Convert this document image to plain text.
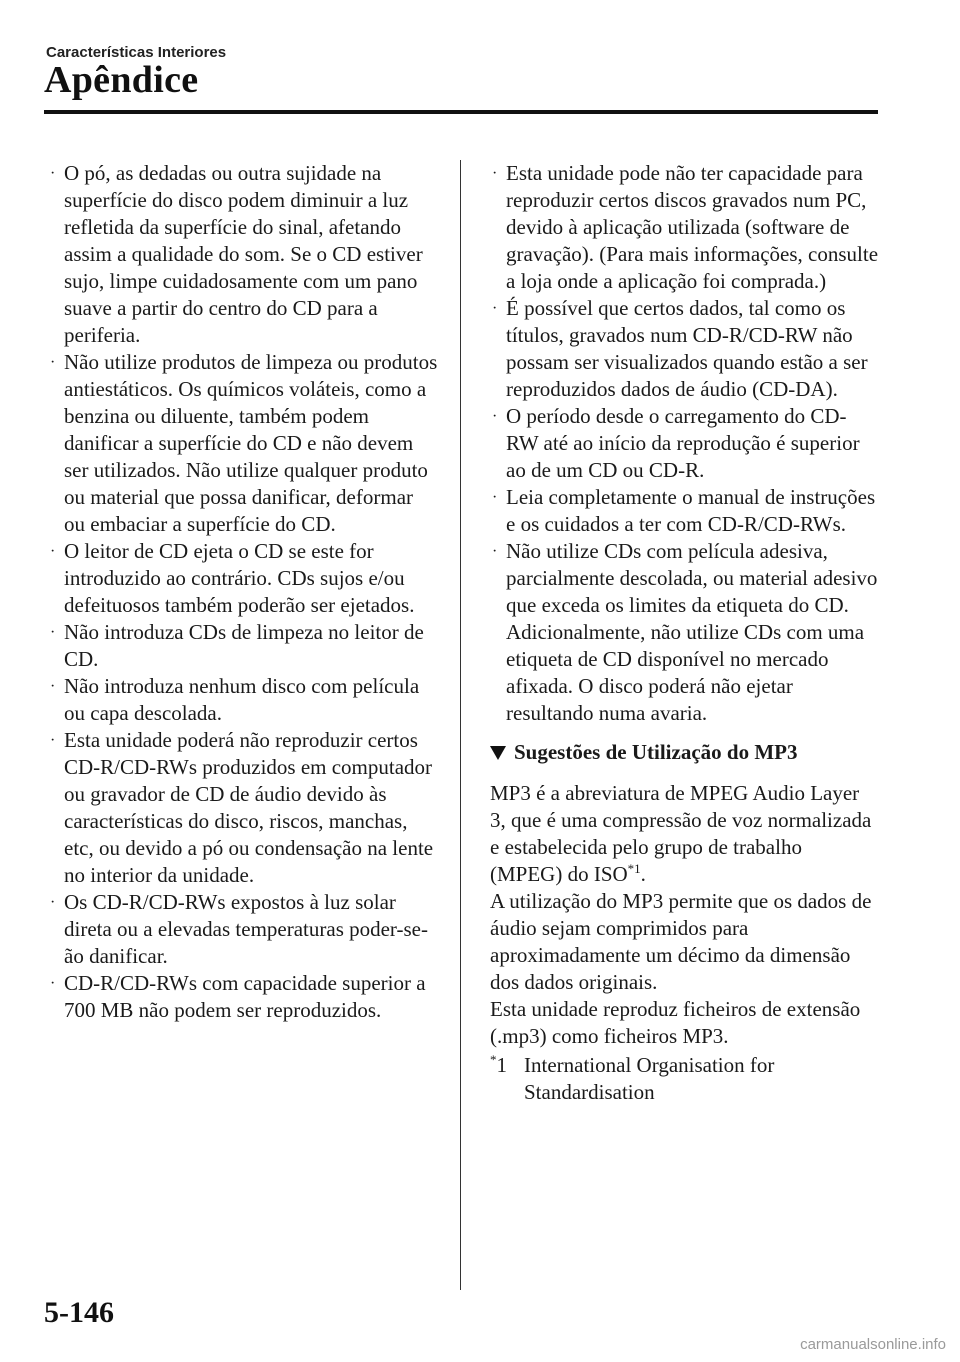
Características Interiores
Apêndice
· O pó, as dedadas ou outra sujidade na superfície do disco podem diminuir a luz refletida da superfície do sinal, afetando assim a qualidade do som. Se o CD estiver sujo, limpe cuidadosamente com um pano suave a partir do centro do CD para a periferia.
· Não utilize produtos de limpeza ou produtos antiestáticos. Os químicos voláteis, como a benzina ou diluente, também podem danificar a superfície do CD e não devem ser utilizados. Não utilize qualquer produto ou material que possa danificar, deformar ou embaciar a superfície do CD.
· O leitor de CD ejeta o CD se este for introduzido ao contrário. CDs sujos e/ou defeituosos também poderão ser ejetados.
· Não introduza CDs de limpeza no leitor de CD.
· Não introduza nenhum disco com película ou capa descolada.
· Esta unidade poderá não reproduzir certos CD-R/CD-RWs produzidos em computador ou gravador de CD de áudio devido às características do disco, riscos, manchas, etc, ou devido a pó ou condensação na lente no interior da unidade.
· Os CD-R/CD-RWs expostos à luz solar direta ou a elevadas temperaturas poder-se-ão danificar.
· CD-R/CD-RWs com capacidade superior a 700 MB não podem ser reproduzidos.
· Esta unidade pode não ter capacidade para reproduzir certos discos gravados num PC, devido à aplicação utilizada (software de gravação). (Para mais informações, consulte a loja onde a aplicação foi comprada.)
· É possível que certos dados, tal como os títulos, gravados num CD-R/CD-RW não possam ser visualizados quando estão a ser reproduzidos dados de áudio (CD-DA).
· O período desde o carregamento do CD-RW até ao início da reprodução é superior ao de um CD ou CD-R.
· Leia completamente o manual de instruções e os cuidados a ter com CD-R/CD-RWs.
· Não utilize CDs com película adesiva, parcialmente descolada, ou material adesivo que exceda os limites da etiqueta do CD. Adicionalmente, não utilize CDs com uma etiqueta de CD disponível no mercado afixada. O disco poderá não ejetar resultando numa avaria.
Sugestões de Utilização do MP3

MP3 é a abreviatura de MPEG Audio Layer 3, que é uma compressão de voz normalizada e estabelecida pelo grupo de trabalho (MPEG) do ISO$^{*1}$.

A utilização do MP3 permite que os dados de áudio sejam comprimidos para aproximadamente um décimo da dimensão dos dados originais.

Esta unidade reproduz ficheiros de extensão (.mp3) como ficheiros MP3.

*1 International Organisation for Standardisation
5-146
carmanualsonline.info
